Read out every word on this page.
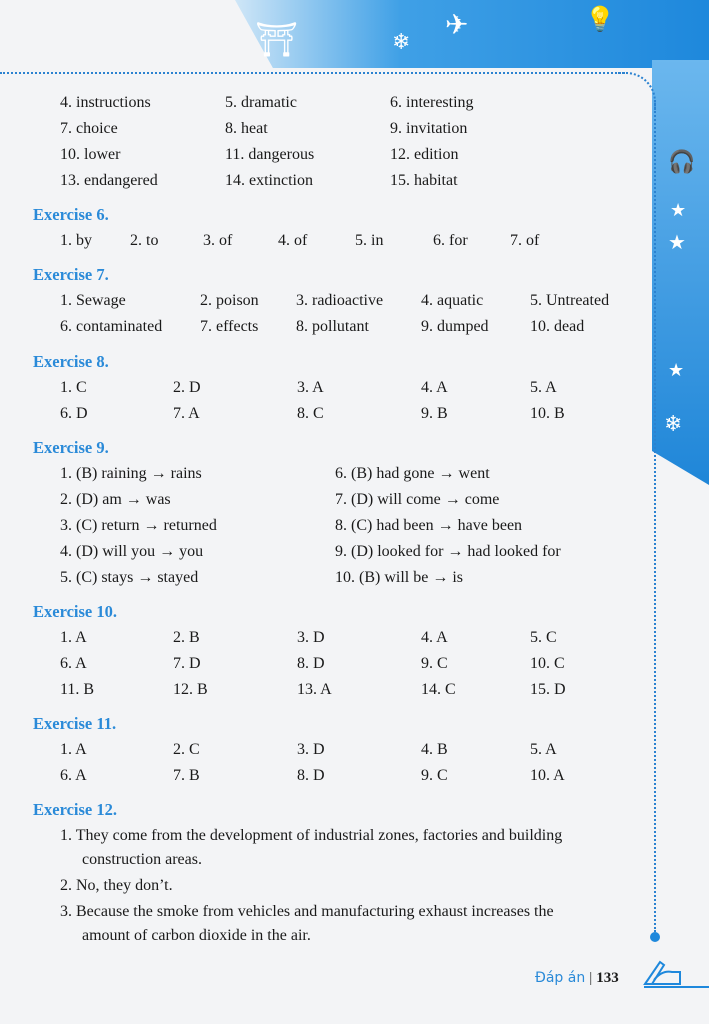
✈
❄
💡
⛩
★
★
★
❄
🎧
4. instructions	5. dramatic	6. interesting
7. choice	8. heat	9. invitation
10. lower	11. dangerous	12. edition
13. endangered	14. extinction	15. habitat
Exercise 6.
1. by 2. to	3. of	4. of	5. in	6. for	7. of
Exercise 7.
1. Sewage	2. poison 3. radioactive 4. aquatic	5. Untreated
6. contaminated 7. effects 8. pollutant	9. dumped	10. dead
Exercise 8.
1. C	2. D	3. A	4. A	5. A
6. D	7. A	8. C	9. B	10. B
Exercise 9.
1. (B) raining → rains	6. (B) had gone → went
2. (D) am → was	7. (D) will come → come
3. (C) return → returned	8. (C) had been → have been
4. (D) will you → you	9. (D) looked for → had looked for
5. (C) stays → stayed	10. (B) will be → is
Exercise 10.
1. A	2. B	3. D	4. A	5. C
6. A	7. D	8. D	9. C	10. C
11. B	12. B	13. A	14. C	15. D
Exercise 11.
1. A	2. C	3. D	4. B	5. A
6. A	7. B	8. D	9. C	10. A
Exercise 12.
1. They come from the development of industrial zones, factories and building
construction areas.
2. No, they don’t.
3. Because the smoke from vehicles and manufacturing exhaust increases the
amount of carbon dioxide in the air.
Đáp án | 133
